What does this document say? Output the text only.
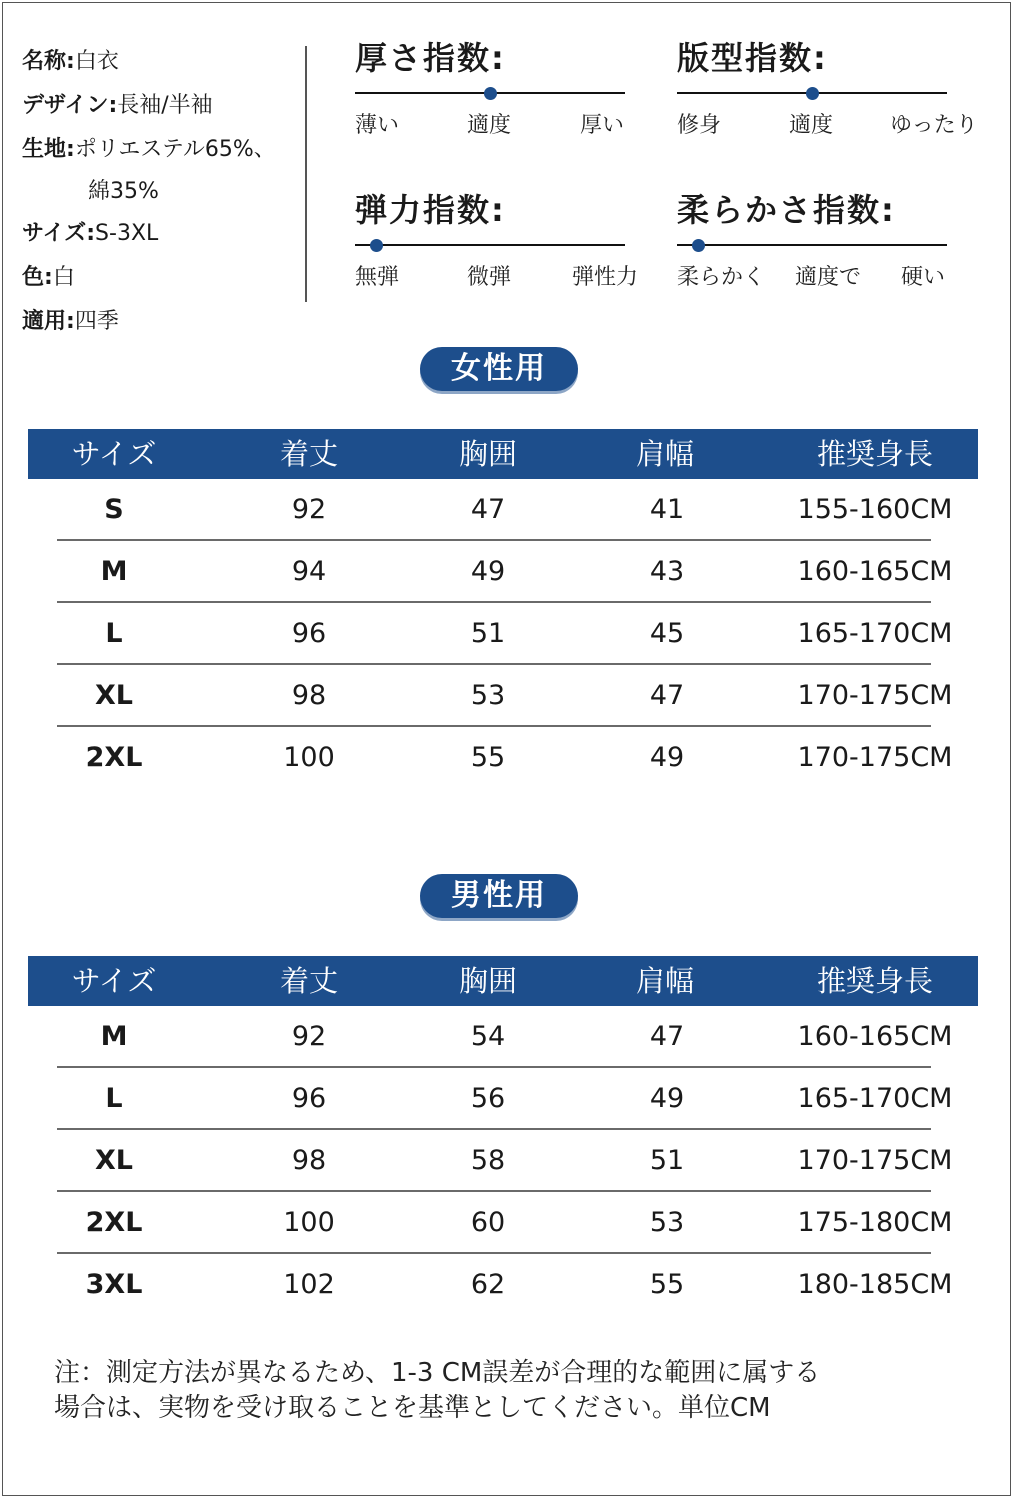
名称:白衣
デザイン:長袖/半袖
生地:ポリエステル65%、
綿35%
サイズ:S-3XL
色:白
適用:四季
厚さ指数:
薄い	適度	厚い
版型指数:
修身	適度	ゆったり
弾力指数:
無弾	微弾	弾性力
柔らかさ指数:
柔らかく 適度で 硬い
女性用
サイズ	着丈	胸囲	肩幅	推奨身長
S	92	47	41	155-160CM
M	94	49	43	160-165CM
L	96	51	45	165-170CM
XL	98	53	47	170-175CM
2XL	100	55	49	170-175CM
男性用
サイズ	着丈	胸囲	肩幅	推奨身長
M	92	54	47	160-165CM
L	96	56	49	165-170CM
XL	98	58	51	170-175CM
2XL	100	60	53	175-180CM
3XL	102	62	55	180-185CM
注：測定方法が異なるため、1-3 CM誤差が合理的な範囲に属する
場合は、実物を受け取ることを基準としてください。単位CM
